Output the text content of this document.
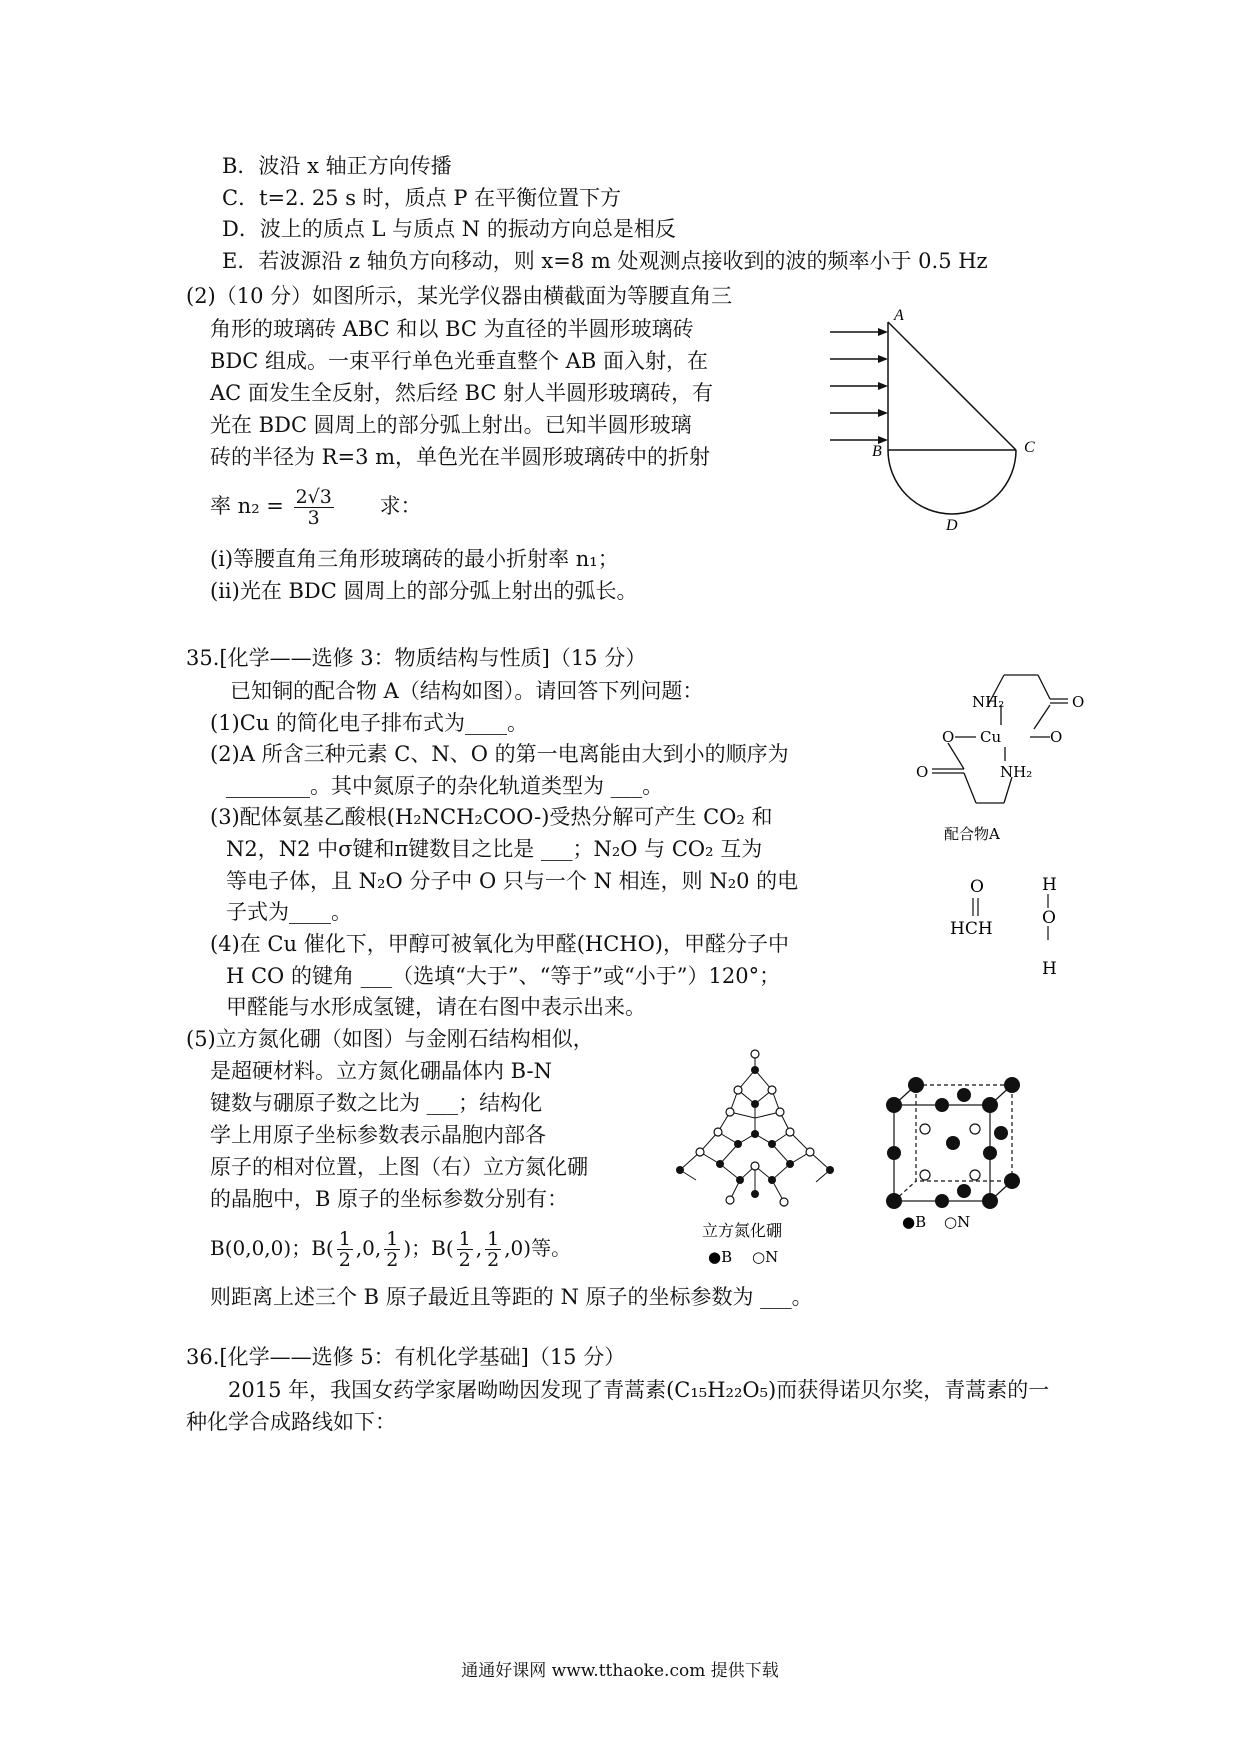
B．波沿 x 轴正方向传播
C．t=2. 25 s 时，质点 P 在平衡位置下方
D．波上的质点 L 与质点 N 的振动方向总是相反
E．若波源沿 z 轴负方向移动，则 x=8 m 处观测点接收到的波的频率小于 0.5 Hz
(2)（10 分）如图所示，某光学仪器由横截面为等腰直角三
角形的玻璃砖 ABC 和以 BC 为直径的半圆形玻璃砖
BDC 组成。一束平行单色光垂直整个 AB 面入射，在
AC 面发生全反射，然后经 BC 射人半圆形玻璃砖，有
光在 BDC 圆周上的部分弧上射出。已知半圆形玻璃
砖的半径为 R=3 m，单色光在半圆形玻璃砖中的折射
率 $n_2 = \frac{2√3}{3}$ 求：
(i)等腰直角三角形玻璃砖的最小折射率 n₁；
(ii)光在 BDC 圆周上的部分弧上射出的弧长。
A
B	C
D
35.[化学——选修 3：物质结构与性质]（15 分）
已知铜的配合物 A（结构如图）。请回答下列问题：
(1)Cu 的简化电子排布式为____。
(2)A 所含三种元素 C、N、O 的第一电离能由大到小的顺序为
________。其中氮原子的杂化轨道类型为 ___。
(3)配体氨基乙酸根(H₂NCH₂COO-)受热分解可产生 CO₂ 和
N2，N2 中σ键和π键数目之比是 ___；N₂O 与 CO₂ 互为
等电子体，且 N₂O 分子中 O 只与一个 N 相连，则 N₂0 的电
子式为____。
(4)在 Cu 催化下，甲醇可被氧化为甲醛(HCHO)，甲醛分子中
H CO 的键角 ___（选填“大于”、“等于”或“小于”）120°；
甲醛能与水形成氢键，请在右图中表示出来。
(5)立方氮化硼（如图）与金刚石结构相似，
是超硬材料。立方氮化硼晶体内 B-N
键数与硼原子数之比为 ___；结构化
学上用原子坐标参数表示晶胞内部各
原子的相对位置，上图（右）立方氮化硼
的晶胞中，B 原子的坐标参数分别有：
B(0,0,0)；$B( \frac{1}{2} ,0$, $\frac{1}{2}$ )；$B( \frac{1}{2}$ , $\frac{1}{2} ,0$)等。
则距离上述三个 B 原子最近且等距的 N 原子的坐标参数为 ___。
NH₂	O
O Cu	O
O	NH₂
配合物A
O
HCH
H
O
H
立方氮化硼
●B ○N
●B ○N
36.[化学——选修 5：有机化学基础]（15 分）
2015 年，我国女药学家屠呦呦因发现了青蒿素(C₁₅H₂₂O₅)而获得诺贝尔奖，青蒿素的一
种化学合成路线如下：
通通好课网 www.tthaoke.com 提供下载
